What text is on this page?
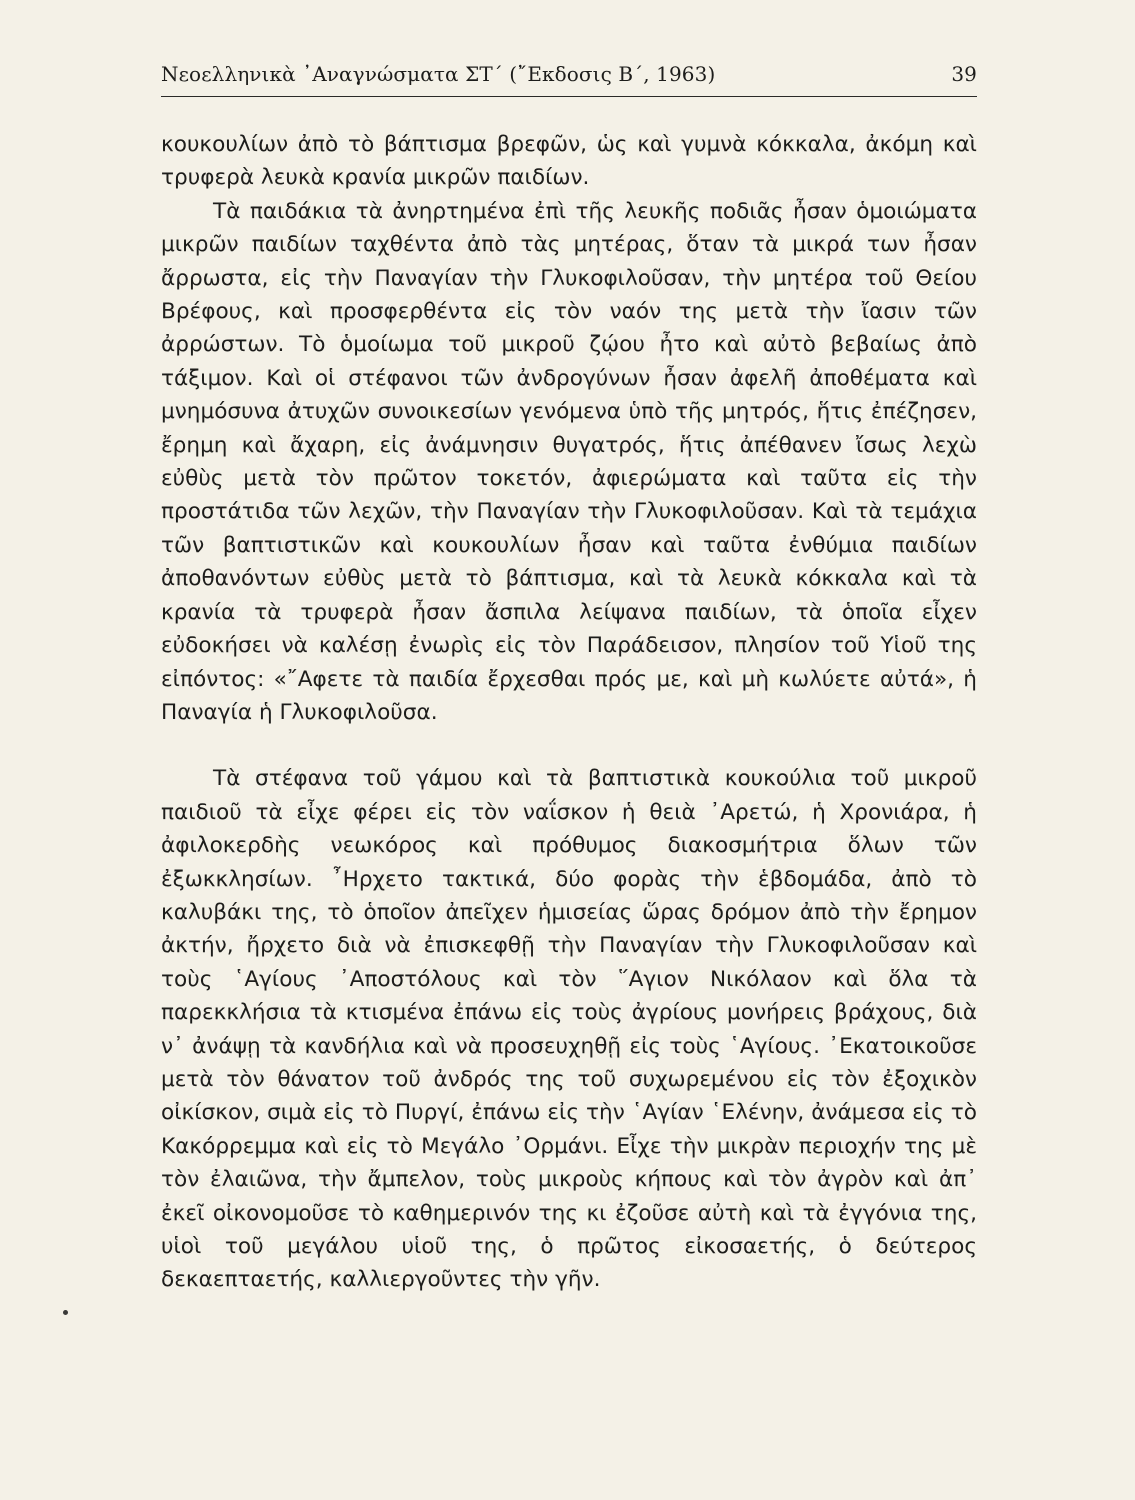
Νεοελληνικὰ ᾿Αναγνώσματα ΣΤ΄ (῎Εκδοσις Β΄, 1963)	39

κουκουλίων ἀπὸ τὸ βάπτισμα βρεφῶν, ὡς καὶ γυμνὰ κόκκαλα, ἀκόμη καὶ τρυφερὰ λευκὰ κρανία μικρῶν παιδίων.

Τὰ παιδάκια τὰ ἀνηρτημένα ἐπὶ τῆς λευκῆς ποδιᾶς ἦσαν ὁμοιώματα μικρῶν παιδίων ταχθέντα ἀπὸ τὰς μητέρας, ὅταν τὰ μικρά των ἦσαν ἄρρωστα, εἰς τὴν Παναγίαν τὴν Γλυκοφιλοῦσαν, τὴν μητέρα τοῦ Θείου Βρέφους, καὶ προσφερθέντα εἰς τὸν ναόν της μετὰ τὴν ἴασιν τῶν ἀρρώστων. Τὸ ὁμοίωμα τοῦ μικροῦ ζῴου ἦτο καὶ αὐτὸ βεβαίως ἀπὸ τάξιμον. Καὶ οἱ στέφανοι τῶν ἀνδρογύνων ἦσαν ἀφελῆ ἀποθέματα καὶ μνημόσυνα ἀτυχῶν συνοικεσίων γενόμενα ὑπὸ τῆς μητρός, ἥτις ἐπέζησεν, ἔρημη καὶ ἄχαρη, εἰς ἀνάμνησιν θυγατρός, ἥτις ἀπέθανεν ἴσως λεχὼ εὐθὺς μετὰ τὸν πρῶτον τοκετόν, ἀφιερώματα καὶ ταῦτα εἰς τὴν προστάτιδα τῶν λεχῶν, τὴν Παναγίαν τὴν Γλυκοφιλοῦσαν. Καὶ τὰ τεμάχια τῶν βαπτιστικῶν καὶ κουκουλίων ἦσαν καὶ ταῦτα ἐνθύμια παιδίων ἀποθανόντων εὐθὺς μετὰ τὸ βάπτισμα, καὶ τὰ λευκὰ κόκκαλα καὶ τὰ κρανία τὰ τρυφερὰ ἦσαν ἄσπιλα λείψανα παιδίων, τὰ ὁποῖα εἶχεν εὐδοκήσει νὰ καλέσῃ ἐνωρὶς εἰς τὸν Παράδεισον, πλησίον τοῦ Υἱοῦ της εἰπόντος: «῎Αφετε τὰ παιδία ἔρχεσθαι πρός με, καὶ μὴ κωλύετε αὐτά», ἡ Παναγία ἡ Γλυκοφιλοῦσα.

Τὰ στέφανα τοῦ γάμου καὶ τὰ βαπτιστικὰ κουκούλια τοῦ μικροῦ παιδιοῦ τὰ εἶχε φέρει εἰς τὸν ναΐσκον ἡ θειὰ ᾿Αρετώ, ἡ Χρονιάρα, ἡ ἀφιλοκερδὴς νεωκόρος καὶ πρόθυμος διακοσμήτρια ὅλων τῶν ἐξωκκλησίων. ῏Ηρχετο τακτικά, δύο φορὰς τὴν ἑβδομάδα, ἀπὸ τὸ καλυβάκι της, τὸ ὁποῖον ἀπεῖχεν ἡμισείας ὥρας δρόμον ἀπὸ τὴν ἔρημον ἀκτήν, ἤρχετο διὰ νὰ ἐπισκεφθῇ τὴν Παναγίαν τὴν Γλυκοφιλοῦσαν καὶ τοὺς ῾Αγίους ᾿Αποστόλους καὶ τὸν ῞Αγιον Νικόλαον καὶ ὅλα τὰ παρεκκλήσια τὰ κτισμένα ἐπάνω εἰς τοὺς ἀγρίους μονήρεις βράχους, διὰ ν᾿ ἀνάψῃ τὰ κανδήλια καὶ νὰ προσευχηθῇ εἰς τοὺς ῾Αγίους. ᾿Εκατοικοῦσε μετὰ τὸν θάνατον τοῦ ἀνδρός της τοῦ συχωρεμένου εἰς τὸν ἐξοχικὸν οἰκίσκον, σιμὰ εἰς τὸ Πυργί, ἐπάνω εἰς τὴν ῾Αγίαν ῾Ελένην, ἀνάμεσα εἰς τὸ Κακόρρεμμα καὶ εἰς τὸ Μεγάλο ᾿Ορμάνι. Εἶχε τὴν μικρὰν περιοχήν της μὲ τὸν ἐλαιῶνα, τὴν ἄμπελον, τοὺς μικροὺς κήπους καὶ τὸν ἀγρὸν καὶ ἀπ᾿ ἐκεῖ οἰκονομοῦσε τὸ καθημερινόν της κι ἐζοῦσε αὐτὴ καὶ τὰ ἐγγόνια της, υἱοὶ τοῦ μεγάλου υἱοῦ της, ὁ πρῶτος εἰκοσαετής, ὁ δεύτερος δεκαεπταετής, καλλιεργοῦντες τὴν γῆν.
